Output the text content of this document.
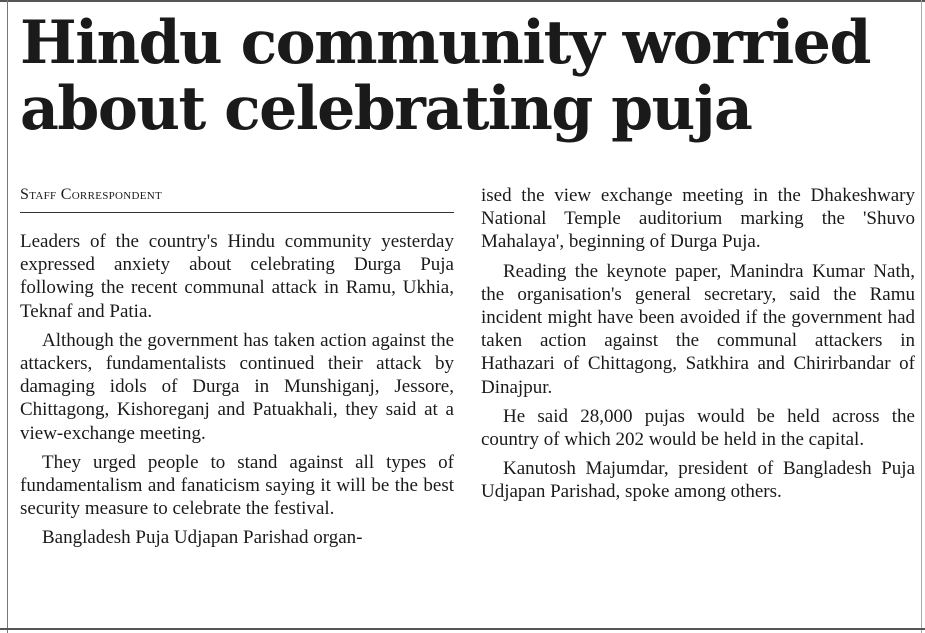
Hindu community worried about celebrating puja
Staff Correspondent

Leaders of the country's Hindu community yesterday expressed anxiety about celebrating Durga Puja following the recent communal attack in Ramu, Ukhia, Teknaf and Patia.

Although the government has taken action against the attackers, fundamentalists continued their attack by damaging idols of Durga in Munshiganj, Jessore, Chittagong, Kishoreganj and Patuakhali, they said at a view-exchange meeting.

They urged people to stand against all types of fundamentalism and fanaticism saying it will be the best security measure to celebrate the festival.

Bangladesh Puja Udjapan Parishad organ-

ised the view exchange meeting in the Dhakeshwary National Temple auditorium marking the 'Shuvo Mahalaya', beginning of Durga Puja.

Reading the keynote paper, Manindra Kumar Nath, the organisation's general secretary, said the Ramu incident might have been avoided if the government had taken action against the communal attackers in Hathazari of Chittagong, Satkhira and Chirirbandar of Dinajpur.

He said 28,000 pujas would be held across the country of which 202 would be held in the capital.

Kanutosh Majumdar, president of Bangladesh Puja Udjapan Parishad, spoke among others.
